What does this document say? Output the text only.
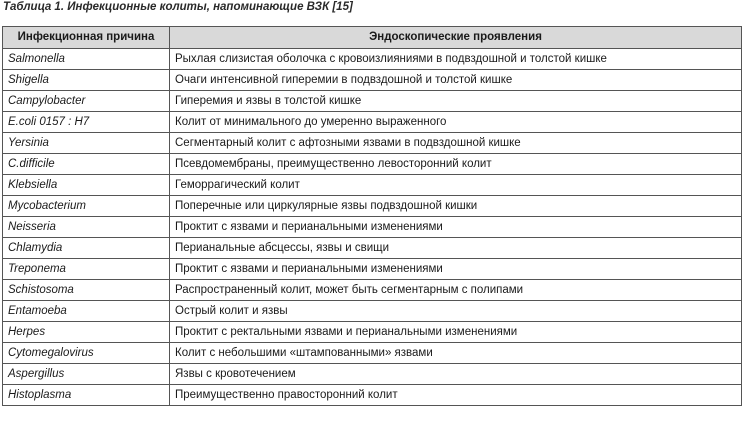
Таблица 1. Инфекционные колиты, напоминающие ВЗК [15]
Инфекционная причина	Эндоскопические проявления
Salmonella	Рыхлая слизистая оболочка с кровоизлияниями в подвздошной и толстой кишке
Shigella	Очаги интенсивной гиперемии в подвздошной и толстой кишке
Campylobacter	Гиперемия и язвы в толстой кишке
E.coli 0157 : H7	Колит от минимального до умеренно выраженного
Yersinia	Сегментарный колит с афтозными язвами в подвздошной кишке
C.difficile	Псевдомембраны, преимущественно левосторонний колит
Klebsiella	Геморрагический колит
Mycobacterium	Поперечные или циркулярные язвы подвздошной кишки
Neisseria	Проктит с язвами и перианальными изменениями
Chlamydia	Перианальные абсцессы, язвы и свищи
Treponema	Проктит с язвами и перианальными изменениями
Schistosoma	Распространенный колит, может быть сегментарным с полипами
Entamoeba	Острый колит и язвы
Herpes	Проктит с ректальными язвами и перианальными изменениями
Cytomegalovirus	Колит с небольшими «штампованными» язвами
Aspergillus	Язвы с кровотечением
Histoplasma	Преимущественно правосторонний колит
